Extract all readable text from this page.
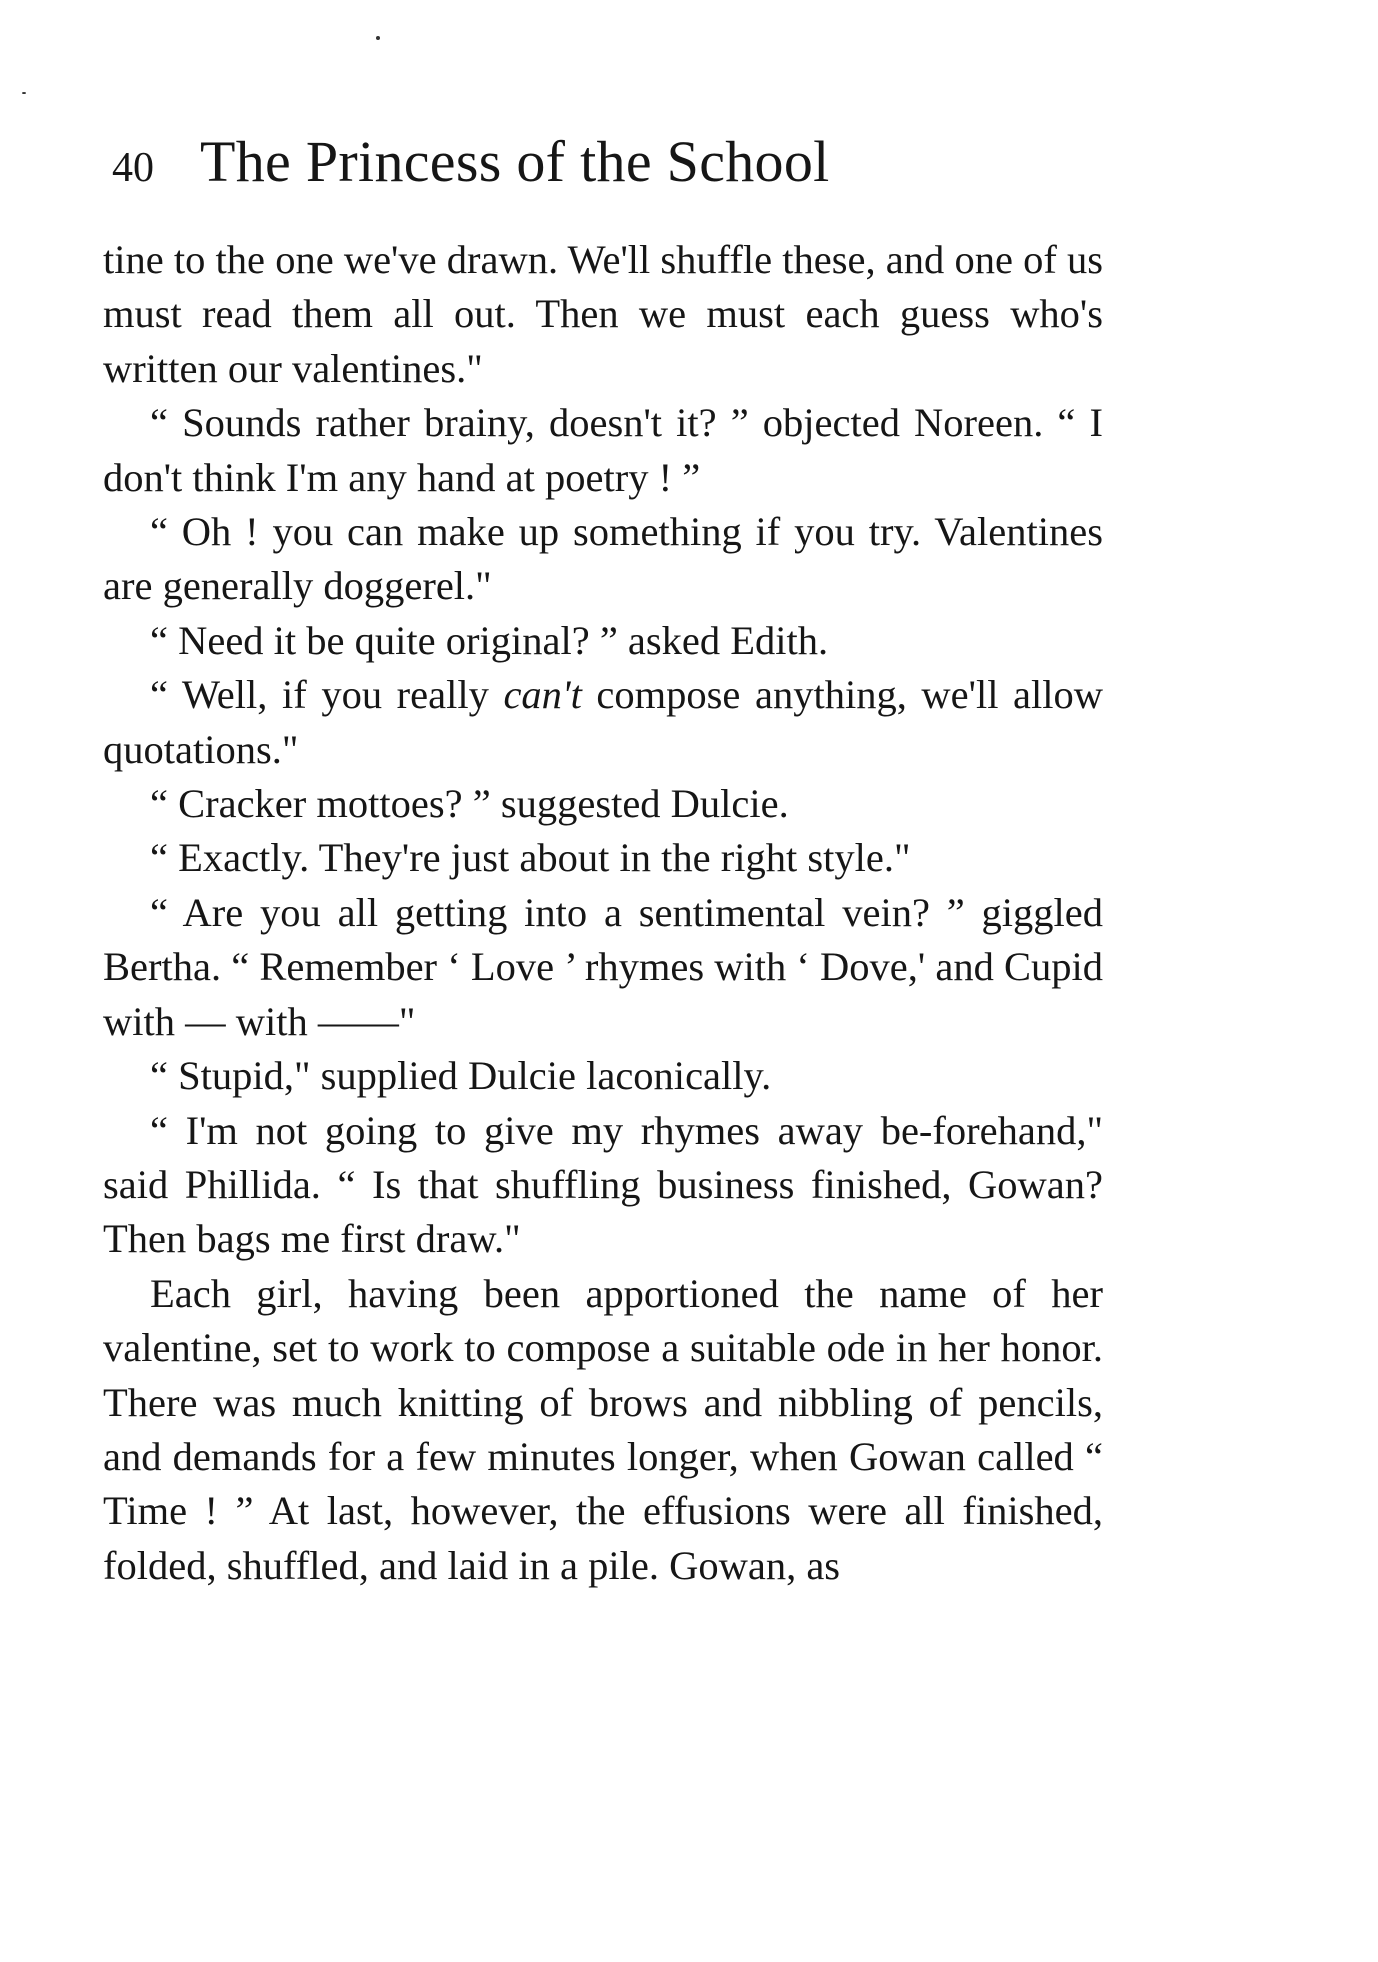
40 The Princess of the School

tine to the one we've drawn. We'll shuffle these, and one of us must read them all out. Then we must each guess who's written our valentines."

“ Sounds rather brainy, doesn't it? ” objected Noreen. “ I don't think I'm any hand at poetry ! ”

“ Oh ! you can make up something if you try. Valentines are generally doggerel."

“ Need it be quite original? ” asked Edith.

“ Well, if you really can't compose anything, we'll allow quotations."

“ Cracker mottoes? ” suggested Dulcie.

“ Exactly. They're just about in the right style."

“ Are you all getting into a sentimental vein? ” giggled Bertha. “ Remember ‘ Love ’ rhymes with ‘ Dove,' and Cupid with — with ——"

“ Stupid," supplied Dulcie laconically.

“ I'm not going to give my rhymes away be-forehand," said Phillida. “ Is that shuffling business finished, Gowan? Then bags me first draw."

Each girl, having been apportioned the name of her valentine, set to work to compose a suitable ode in her honor. There was much knitting of brows and nibbling of pencils, and demands for a few minutes longer, when Gowan called “ Time ! ” At last, however, the effusions were all finished, folded, shuffled, and laid in a pile. Gowan, as
